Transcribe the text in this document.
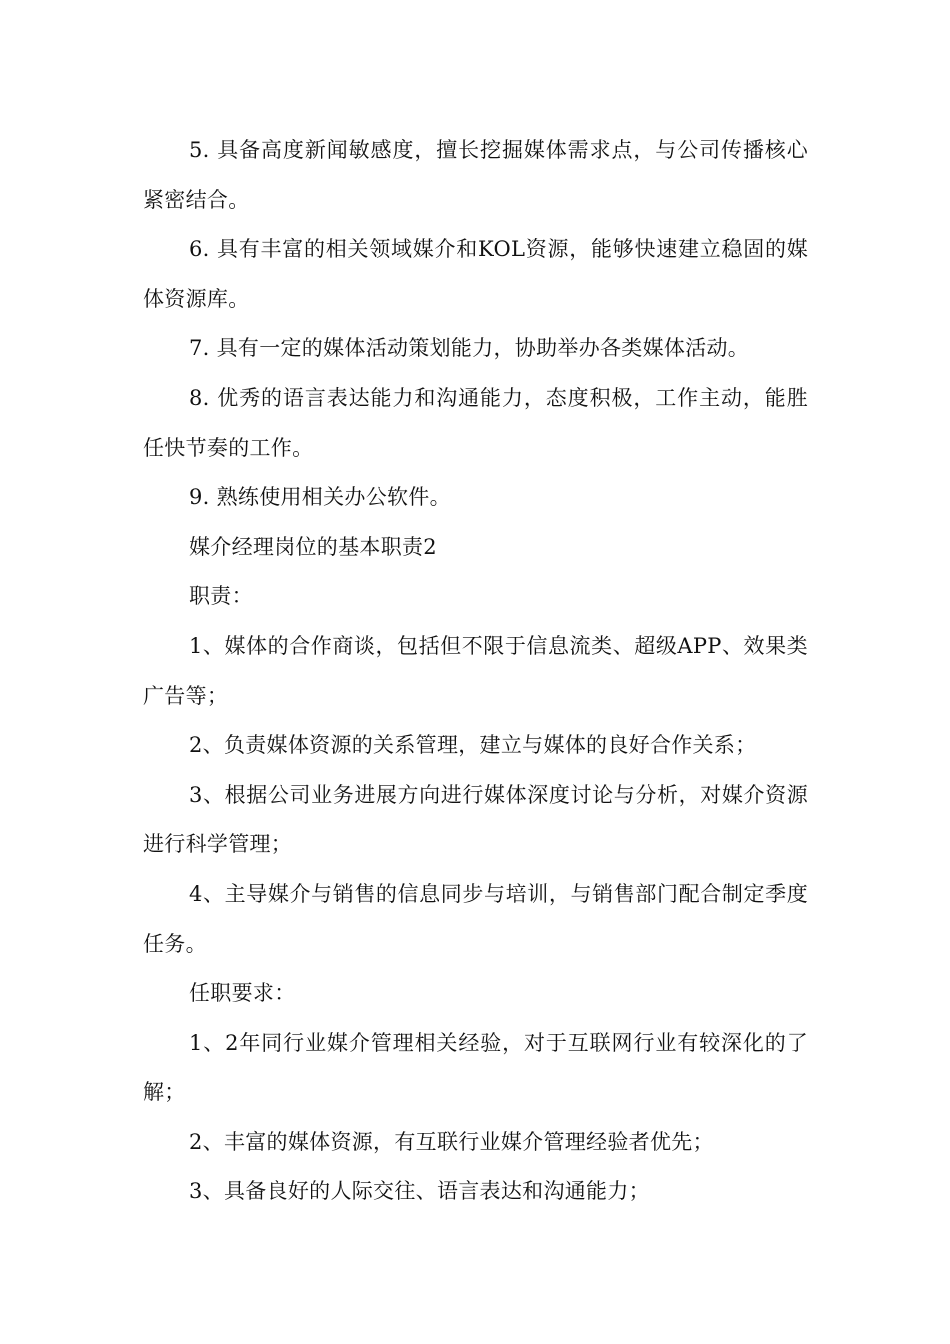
5. 具备高度新闻敏感度，擅长挖掘媒体需求点，与公司传播核心紧密结合。

6. 具有丰富的相关领域媒介和KOL资源，能够快速建立稳固的媒体资源库。

7. 具有一定的媒体活动策划能力，协助举办各类媒体活动。

8. 优秀的语言表达能力和沟通能力，态度积极，工作主动，能胜任快节奏的工作。

9. 熟练使用相关办公软件。

媒介经理岗位的基本职责2

职责：

1、媒体的合作商谈，包括但不限于信息流类、超级APP、效果类广告等；

2、负责媒体资源的关系管理，建立与媒体的良好合作关系；

3、根据公司业务进展方向进行媒体深度讨论与分析，对媒介资源进行科学管理；

4、主导媒介与销售的信息同步与培训，与销售部门配合制定季度任务。

任职要求：

1、2年同行业媒介管理相关经验，对于互联网行业有较深化的了解；

2、丰富的媒体资源，有互联行业媒介管理经验者优先；

3、具备良好的人际交往、语言表达和沟通能力；
